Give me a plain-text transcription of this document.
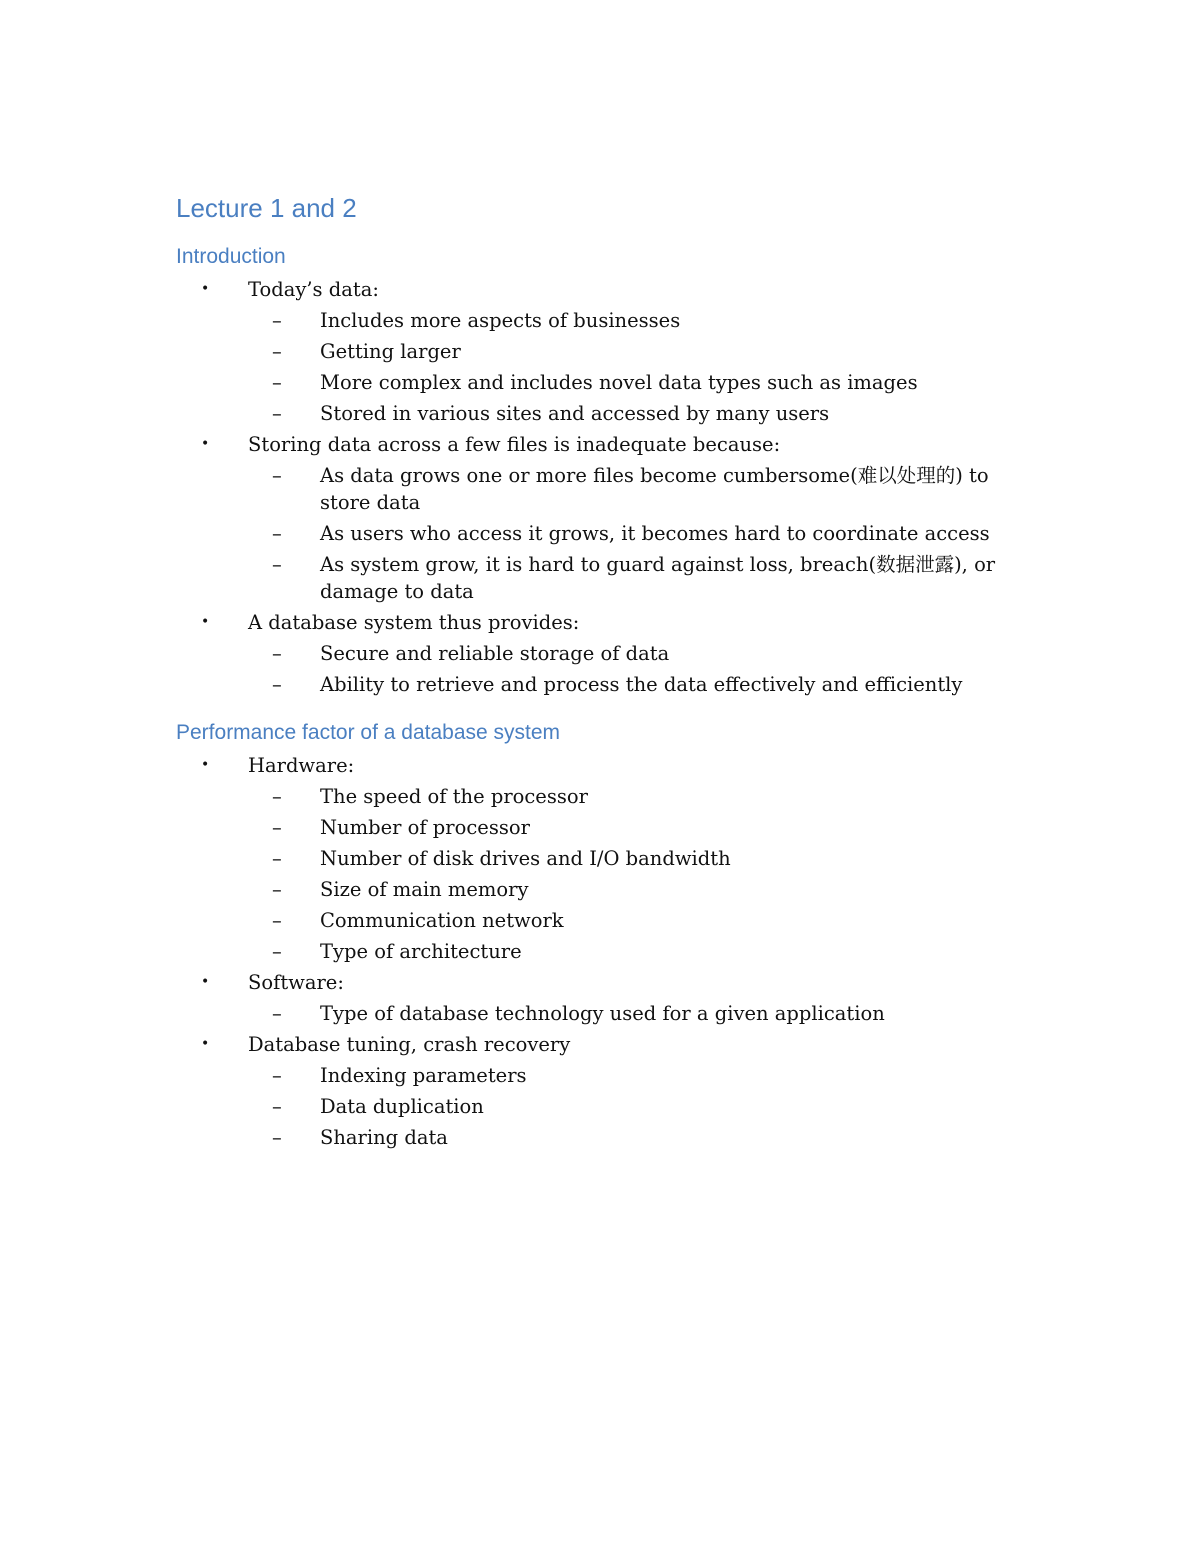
Lecture 1 and 2
Introduction
• Today’s data:
– Includes more aspects of businesses
– Getting larger
– More complex and includes novel data types such as images
– Stored in various sites and accessed by many users
• Storing data across a few files is inadequate because:
– As data grows one or more files become cumbersome(难以处理的) to store data
– As users who access it grows, it becomes hard to coordinate access
– As system grow, it is hard to guard against loss, breach(数据泄露), or damage to data
• A database system thus provides:
– Secure and reliable storage of data
– Ability to retrieve and process the data effectively and efficiently
Performance factor of a database system
• Hardware:
– The speed of the processor
– Number of processor
– Number of disk drives and I/O bandwidth
– Size of main memory
– Communication network
– Type of architecture
• Software:
– Type of database technology used for a given application
• Database tuning, crash recovery
– Indexing parameters
– Data duplication
– Sharing data
